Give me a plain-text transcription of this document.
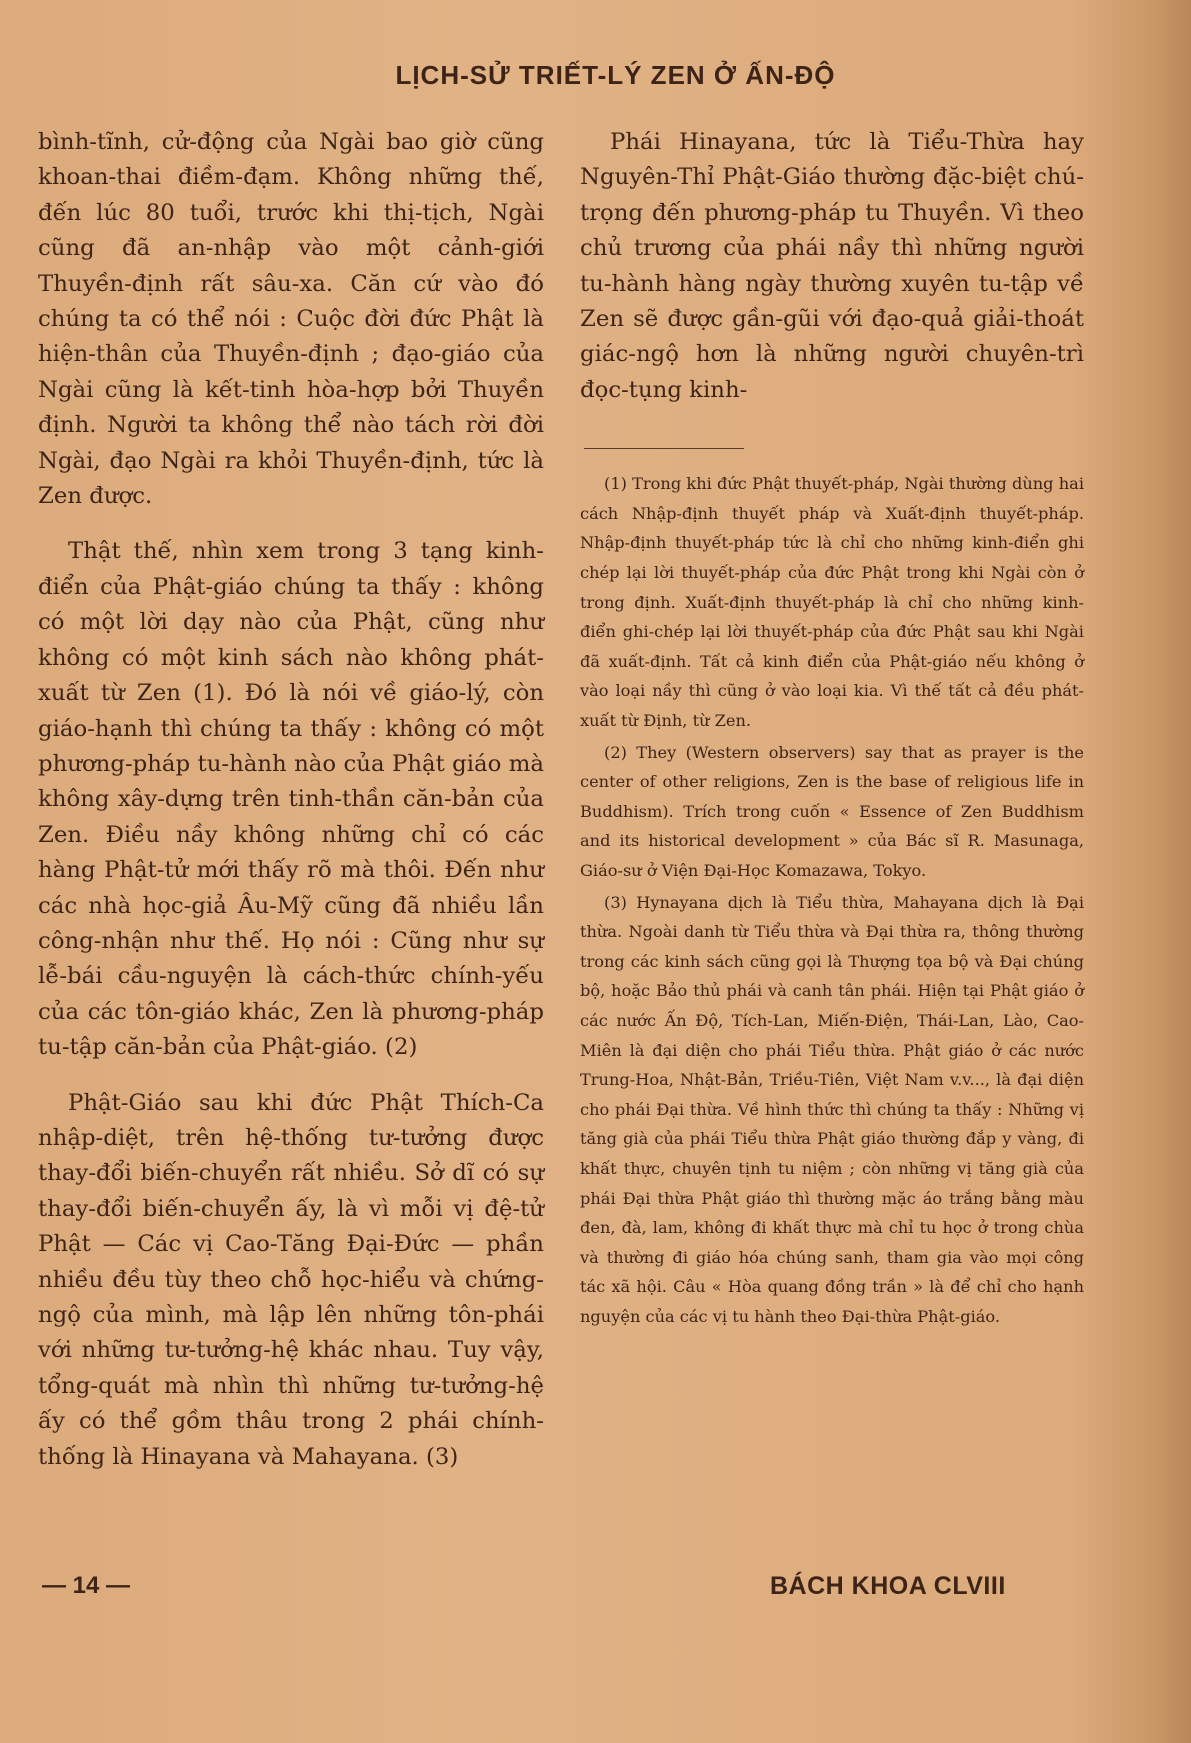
LỊCH-SỬ TRIẾT-LÝ ZEN Ở ẤN-ĐỘ

bình-tĩnh, cử-động của Ngài bao giờ cũng khoan-thai điềm-đạm. Không những thế, đến lúc 80 tuổi, trước khi thị-tịch, Ngài cũng đã an-nhập vào một cảnh-giới Thuyền-định rất sâu-xa. Căn cứ vào đó chúng ta có thể nói : Cuộc đời đức Phật là hiện-thân của Thuyền-định ; đạo-giáo của Ngài cũng là kết-tinh hòa-hợp bởi Thuyền định. Người ta không thể nào tách rời đời Ngài, đạo Ngài ra khỏi Thuyền-định, tức là Zen được.

Thật thế, nhìn xem trong 3 tạng kinh-điển của Phật-giáo chúng ta thấy : không có một lời dạy nào của Phật, cũng như không có một kinh sách nào không phát-xuất từ Zen (1). Đó là nói về giáo-lý, còn giáo-hạnh thì chúng ta thấy : không có một phương-pháp tu-hành nào của Phật giáo mà không xây-dựng trên tinh-thần căn-bản của Zen. Điều nầy không những chỉ có các hàng Phật-tử mới thấy rõ mà thôi. Đến như các nhà học-giả Âu-Mỹ cũng đã nhiều lần công-nhận như thế. Họ nói : Cũng như sự lễ-bái cầu-nguyện là cách-thức chính-yếu của các tôn-giáo khác, Zen là phương-pháp tu-tập căn-bản của Phật-giáo. (2)

Phật-Giáo sau khi đức Phật Thích-Ca nhập-diệt, trên hệ-thống tư-tưởng được thay-đổi biến-chuyển rất nhiều. Sở dĩ có sự thay-đổi biến-chuyển ấy, là vì mỗi vị đệ-tử Phật — Các vị Cao-Tăng Đại-Đức — phần nhiều đều tùy theo chỗ học-hiểu và chứng-ngộ của mình, mà lập lên những tôn-phái với những tư-tưởng-hệ khác nhau. Tuy vậy, tổng-quát mà nhìn thì những tư-tưởng-hệ ấy có thể gồm thâu trong 2 phái chính-thống là Hinayana và Mahayana. (3)

Phái Hinayana, tức là Tiểu-Thừa hay Nguyên-Thỉ Phật-Giáo thường đặc-biệt chú-trọng đến phương-pháp tu Thuyền. Vì theo chủ trương của phái nầy thì những người tu-hành hàng ngày thường xuyên tu-tập về Zen sẽ được gần-gũi với đạo-quả giải-thoát giác-ngộ hơn là những người chuyên-trì đọc-tụng kinh-

(1) Trong khi đức Phật thuyết-pháp, Ngài thường dùng hai cách Nhập-định thuyết pháp và Xuất-định thuyết-pháp. Nhập-định thuyết-pháp tức là chỉ cho những kinh-điển ghi chép lại lời thuyết-pháp của đức Phật trong khi Ngài còn ở trong định. Xuất-định thuyết-pháp là chỉ cho những kinh-điển ghi-chép lại lời thuyết-pháp của đức Phật sau khi Ngài đã xuất-định. Tất cả kinh điển của Phật-giáo nếu không ở vào loại nầy thì cũng ở vào loại kia. Vì thế tất cả đều phát-xuất từ Định, từ Zen.

(2) They (Western observers) say that as prayer is the center of other religions, Zen is the base of religious life in Buddhism). Trích trong cuốn « Essence of Zen Buddhism and its historical development » của Bác sĩ R. Masunaga, Giáo-sư ở Viện Đại-Học Komazawa, Tokyo.

(3) Hynayana dịch là Tiểu thừa, Mahayana dịch là Đại thừa. Ngoài danh từ Tiểu thừa và Đại thừa ra, thông thường trong các kinh sách cũng gọi là Thượng tọa bộ và Đại chúng bộ, hoặc Bảo thủ phái và canh tân phái. Hiện tại Phật giáo ở các nước Ấn Độ, Tích-Lan, Miến-Điện, Thái-Lan, Lào, Cao-Miên là đại diện cho phái Tiểu thừa. Phật giáo ở các nước Trung-Hoa, Nhật-Bản, Triều-Tiên, Việt Nam v.v..., là đại diện cho phái Đại thừa. Về hình thức thì chúng ta thấy : Những vị tăng già của phái Tiểu thừa Phật giáo thường đắp y vàng, đi khất thực, chuyên tịnh tu niệm ; còn những vị tăng già của phái Đại thừa Phật giáo thì thường mặc áo trắng bằng màu đen, đà, lam, không đi khất thực mà chỉ tu học ở trong chùa và thường đi giáo hóa chúng sanh, tham gia vào mọi công tác xã hội. Câu « Hòa quang đồng trần » là để chỉ cho hạnh nguyện của các vị tu hành theo Đại-thừa Phật-giáo.

— 14 —	BÁCH KHOA CLVIII
